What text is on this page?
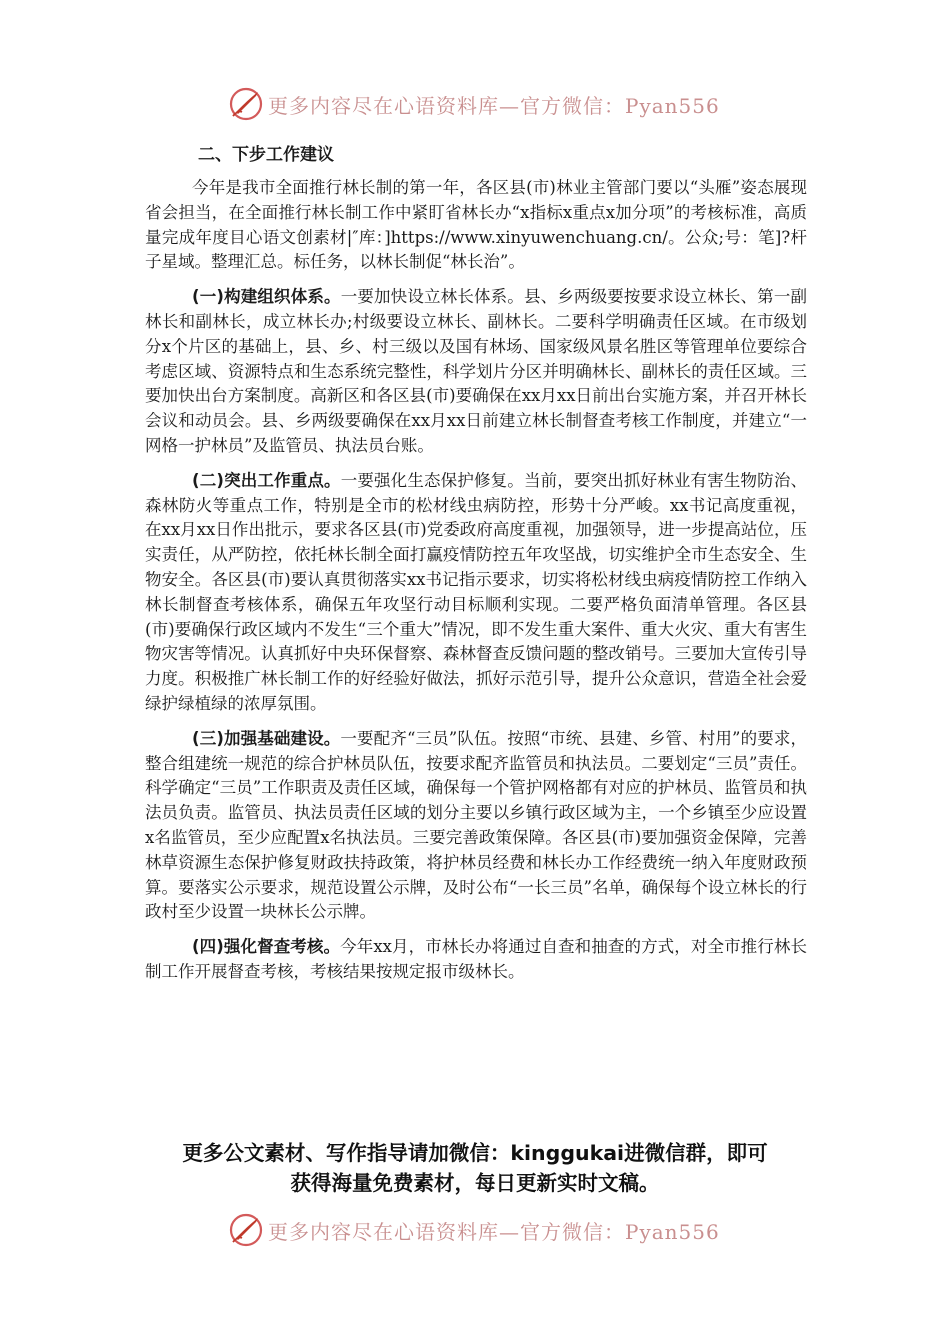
更多内容尽在心语资料库—官方微信：Pyan556
二、下步工作建议

今年是我市全面推行林长制的第一年，各区县(市)林业主管部门要以“头雁”姿态展现省会担当，在全面推行林长制工作中紧盯省林长办“x指标x重点x加分项”的考核标准，高质量完成年度目心语文创素材|″库：]https://www.xinyuwenchuang.cn/。公众;号：笔]?杆子星域。整理汇总。标任务，以林长制促“林长治”。

(一)构建组织体系。一要加快设立林长体系。县、乡两级要按要求设立林长、第一副林长和副林长，成立林长办;村级要设立林长、副林长。二要科学明确责任区域。在市级划分x个片区的基础上，县、乡、村三级以及国有林场、国家级风景名胜区等管理单位要综合考虑区域、资源特点和生态系统完整性，科学划片分区并明确林长、副林长的责任区域。三要加快出台方案制度。高新区和各区县(市)要确保在xx月xx日前出台实施方案，并召开林长会议和动员会。县、乡两级要确保在xx月xx日前建立林长制督查考核工作制度，并建立“一网格一护林员”及监管员、执法员台账。

(二)突出工作重点。一要强化生态保护修复。当前，要突出抓好林业有害生物防治、森林防火等重点工作，特别是全市的松材线虫病防控，形势十分严峻。xx书记高度重视，在xx月xx日作出批示，要求各区县(市)党委政府高度重视，加强领导，进一步提高站位，压实责任，从严防控，依托林长制全面打赢疫情防控五年攻坚战，切实维护全市生态安全、生物安全。各区县(市)要认真贯彻落实xx书记指示要求，切实将松材线虫病疫情防控工作纳入林长制督查考核体系，确保五年攻坚行动目标顺利实现。二要严格负面清单管理。各区县(市)要确保行政区域内不发生“三个重大”情况，即不发生重大案件、重大火灾、重大有害生物灾害等情况。认真抓好中央环保督察、森林督查反馈问题的整改销号。三要加大宣传引导力度。积极推广林长制工作的好经验好做法，抓好示范引导，提升公众意识，营造全社会爱绿护绿植绿的浓厚氛围。

(三)加强基础建设。一要配齐“三员”队伍。按照“市统、县建、乡管、村用”的要求，整合组建统一规范的综合护林员队伍，按要求配齐监管员和执法员。二要划定“三员”责任。科学确定“三员”工作职责及责任区域，确保每一个管护网格都有对应的护林员、监管员和执法员负责。监管员、执法员责任区域的划分主要以乡镇行政区域为主，一个乡镇至少应设置x名监管员，至少应配置x名执法员。三要完善政策保障。各区县(市)要加强资金保障，完善林草资源生态保护修复财政扶持政策，将护林员经费和林长办工作经费统一纳入年度财政预算。要落实公示要求，规范设置公示牌，及时公布“一长三员”名单，确保每个设立林长的行政村至少设置一块林长公示牌。

(四)强化督查考核。今年xx月，市林长办将通过自查和抽查的方式，对全市推行林长制工作开展督查考核，考核结果按规定报市级林长。

更多公文素材、写作指导请加微信：kinggukai进微信群，即可
获得海量免费素材，每日更新实时文稿。
更多内容尽在心语资料库—官方微信：Pyan556
